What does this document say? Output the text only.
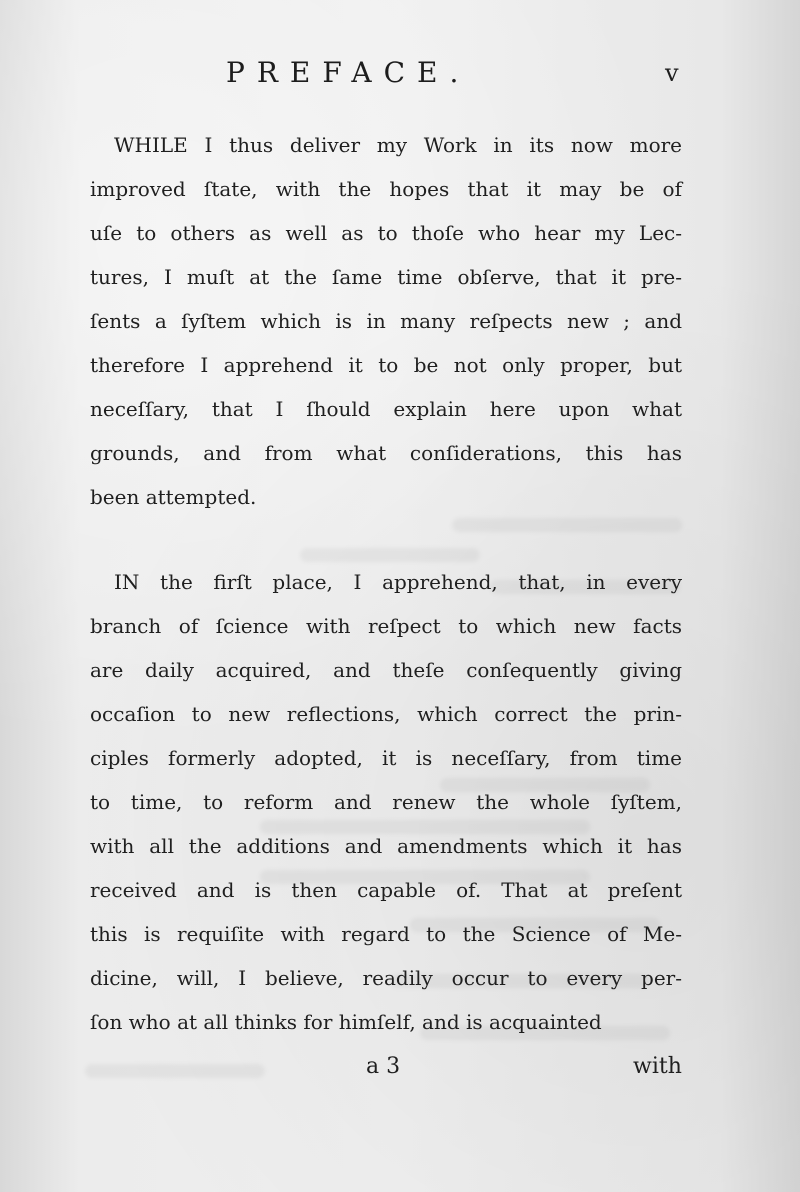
PREFACE.	v
WHILE I thus deliver my Work in its now more
improved ſtate, with the hopes that it may be of
uſe to others as well as to thoſe who hear my Lec-
tures, I muſt at the ſame time obſerve, that it pre-
ſents a ſyſtem which is in many reſpects new ; and
therefore I apprehend it to be not only proper, but
neceſſary, that I ſhould explain here upon what
grounds, and from what conſiderations, this has
been attempted.
IN the firſt place, I apprehend, that, in every
branch of ſcience with reſpect to which new facts
are daily acquired, and theſe conſequently giving
occaſion to new reflections, which correct the prin-
ciples formerly adopted, it is neceſſary, from time
to time, to reform and renew the whole ſyſtem,
with all the additions and amendments which it has
received and is then capable of. That at preſent
this is requiſite with regard to the Science of Me-
dicine, will, I believe, readily occur to every per-
ſon who at all thinks for himſelf, and is acquainted
a 3	with
